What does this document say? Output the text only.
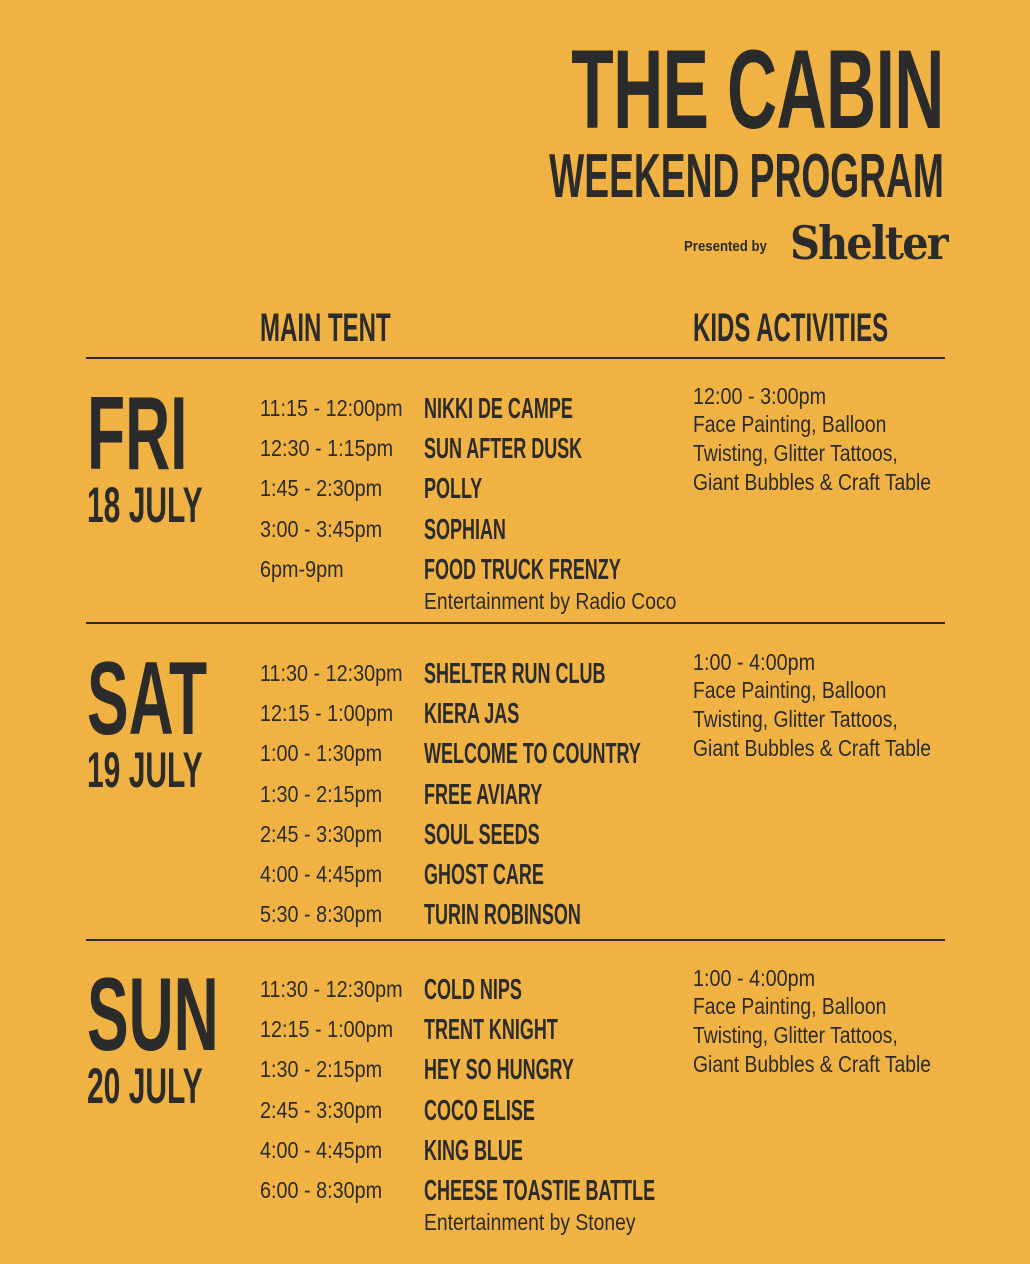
THE CABIN
WEEKEND PROGRAM
Presented by Shelter
MAIN TENT	KIDS ACTIVITIES
FRI
18 JULY
11:15 - 12:00pm NIKKI DE CAMPE
12:30 - 1:15pm SUN AFTER DUSK
1:45 - 2:30pm POLLY
3:00 - 3:45pm SOPHIAN
6pm-9pm	FOOD TRUCK FRENZY
Entertainment by Radio Coco
12:00 - 3:00pm
Face Painting, Balloon
Twisting, Glitter Tattoos,
Giant Bubbles & Craft Table
SAT
19 JULY
11:30 - 12:30pm SHELTER RUN CLUB
12:15 - 1:00pm KIERA JAS
1:00 - 1:30pm WELCOME TO COUNTRY
1:30 - 2:15pm FREE AVIARY
2:45 - 3:30pm SOUL SEEDS
4:00 - 4:45pm GHOST CARE
5:30 - 8:30pm TURIN ROBINSON
1:00 - 4:00pm
Face Painting, Balloon
Twisting, Glitter Tattoos,
Giant Bubbles & Craft Table
SUN
20 JULY
11:30 - 12:30pm COLD NIPS
12:15 - 1:00pm TRENT KNIGHT
1:30 - 2:15pm HEY SO HUNGRY
2:45 - 3:30pm COCO ELISE
4:00 - 4:45pm KING BLUE
6:00 - 8:30pm CHEESE TOASTIE BATTLE
Entertainment by Stoney
1:00 - 4:00pm
Face Painting, Balloon
Twisting, Glitter Tattoos,
Giant Bubbles & Craft Table
